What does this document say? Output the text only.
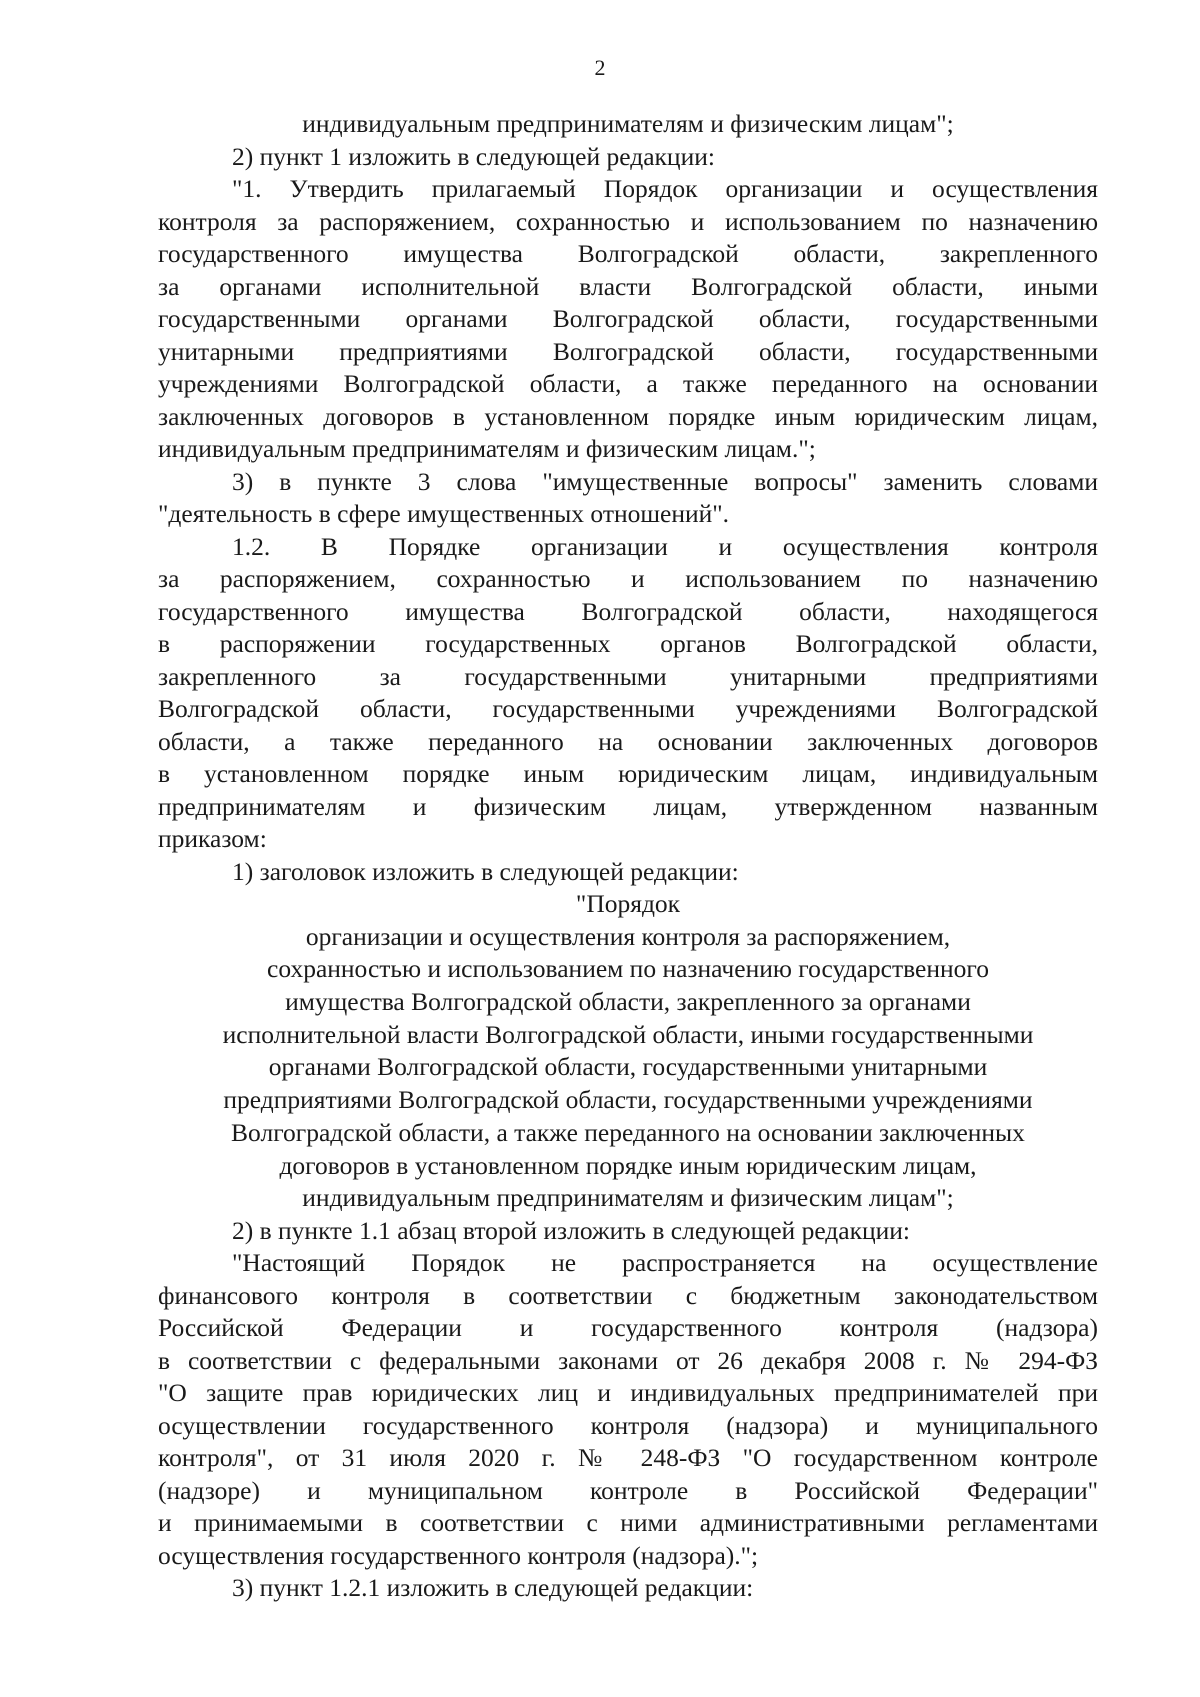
2
индивидуальным предпринимателям и физическим лицам";
2) пункт 1 изложить в следующей редакции:
"1. Утвердить прилагаемый Порядок организации и осуществления
контроля за распоряжением, сохранностью и использованием по назначению
государственного имущества Волгоградской области, закрепленного
за органами исполнительной власти Волгоградской области, иными
государственными органами Волгоградской области, государственными
унитарными предприятиями Волгоградской области, государственными
учреждениями Волгоградской области, а также переданного на основании
заключенных договоров в установленном порядке иным юридическим лицам,
индивидуальным предпринимателям и физическим лицам.";
3) в пункте 3 слова "имущественные вопросы" заменить словами
"деятельность в сфере имущественных отношений".
1.2. В Порядке организации и осуществления контроля
за распоряжением, сохранностью и использованием по назначению
государственного имущества Волгоградской области, находящегося
в распоряжении государственных органов Волгоградской области,
закрепленного за государственными унитарными предприятиями
Волгоградской области, государственными учреждениями Волгоградской
области, а также переданного на основании заключенных договоров
в установленном порядке иным юридическим лицам, индивидуальным
предпринимателям и физическим лицам, утвержденном названным
приказом:
1) заголовок изложить в следующей редакции:
"Порядок
организации и осуществления контроля за распоряжением,
сохранностью и использованием по назначению государственного
имущества Волгоградской области, закрепленного за органами
исполнительной власти Волгоградской области, иными государственными
органами Волгоградской области, государственными унитарными
предприятиями Волгоградской области, государственными учреждениями
Волгоградской области, а также переданного на основании заключенных
договоров в установленном порядке иным юридическим лицам,
индивидуальным предпринимателям и физическим лицам";
2) в пункте 1.1 абзац второй изложить в следующей редакции:
"Настоящий Порядок не распространяется на осуществление
финансового контроля в соответствии с бюджетным законодательством
Российской Федерации и государственного контроля (надзора)
в соответствии с федеральными законами от 26 декабря 2008 г. № 294-ФЗ
"О защите прав юридических лиц и индивидуальных предпринимателей при
осуществлении государственного контроля (надзора) и муниципального
контроля", от 31 июля 2020 г. № 248-ФЗ "О государственном контроле
(надзоре) и муниципальном контроле в Российской Федерации"
и принимаемыми в соответствии с ними административными регламентами
осуществления государственного контроля (надзора).";
3) пункт 1.2.1 изложить в следующей редакции:
